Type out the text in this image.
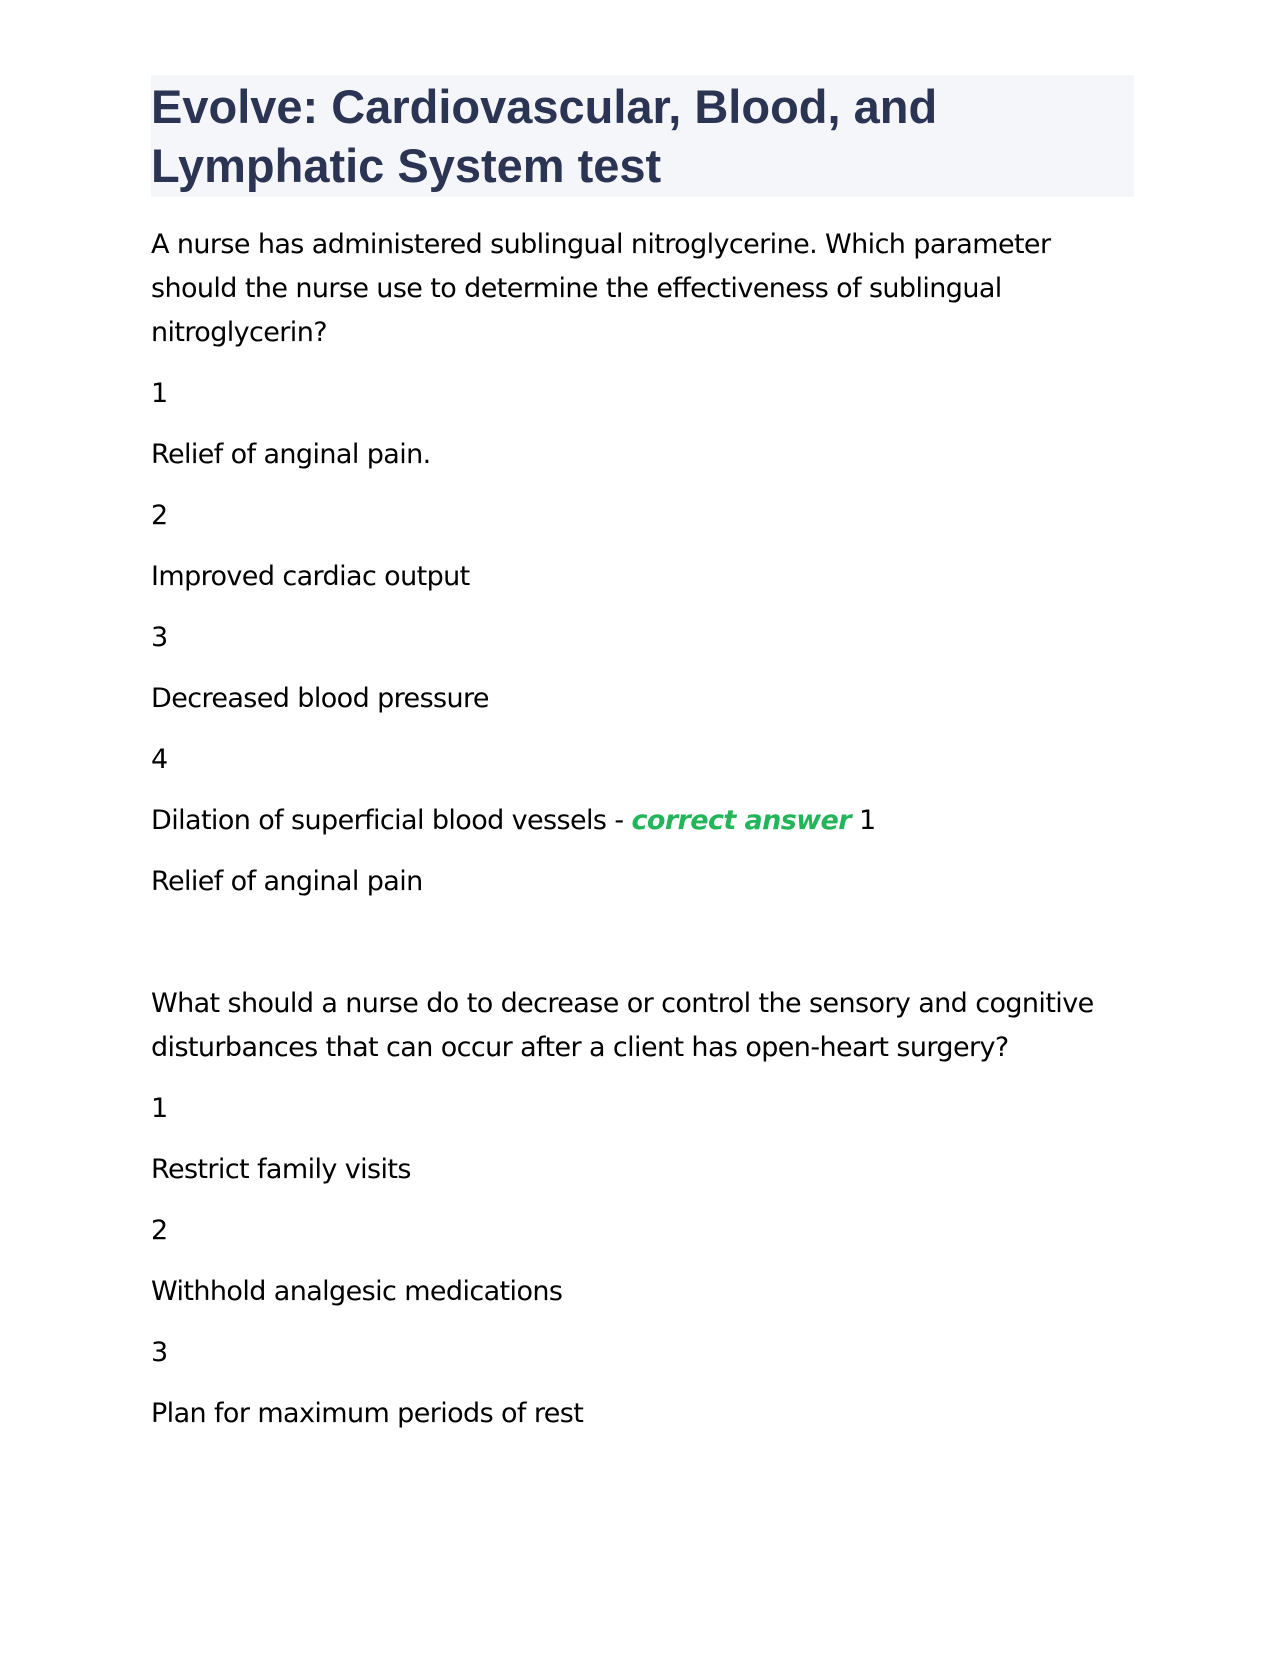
Evolve: Cardiovascular, Blood, and Lymphatic System test

A nurse has administered sublingual nitroglycerine. Which parameter should the nurse use to determine the effectiveness of sublingual nitroglycerin?

1

Relief of anginal pain.

2

Improved cardiac output

3

Decreased blood pressure

4

Dilation of superficial blood vessels - correct answer 1

Relief of anginal pain

What should a nurse do to decrease or control the sensory and cognitive disturbances that can occur after a client has open-heart surgery?

1

Restrict family visits

2

Withhold analgesic medications

3

Plan for maximum periods of rest
